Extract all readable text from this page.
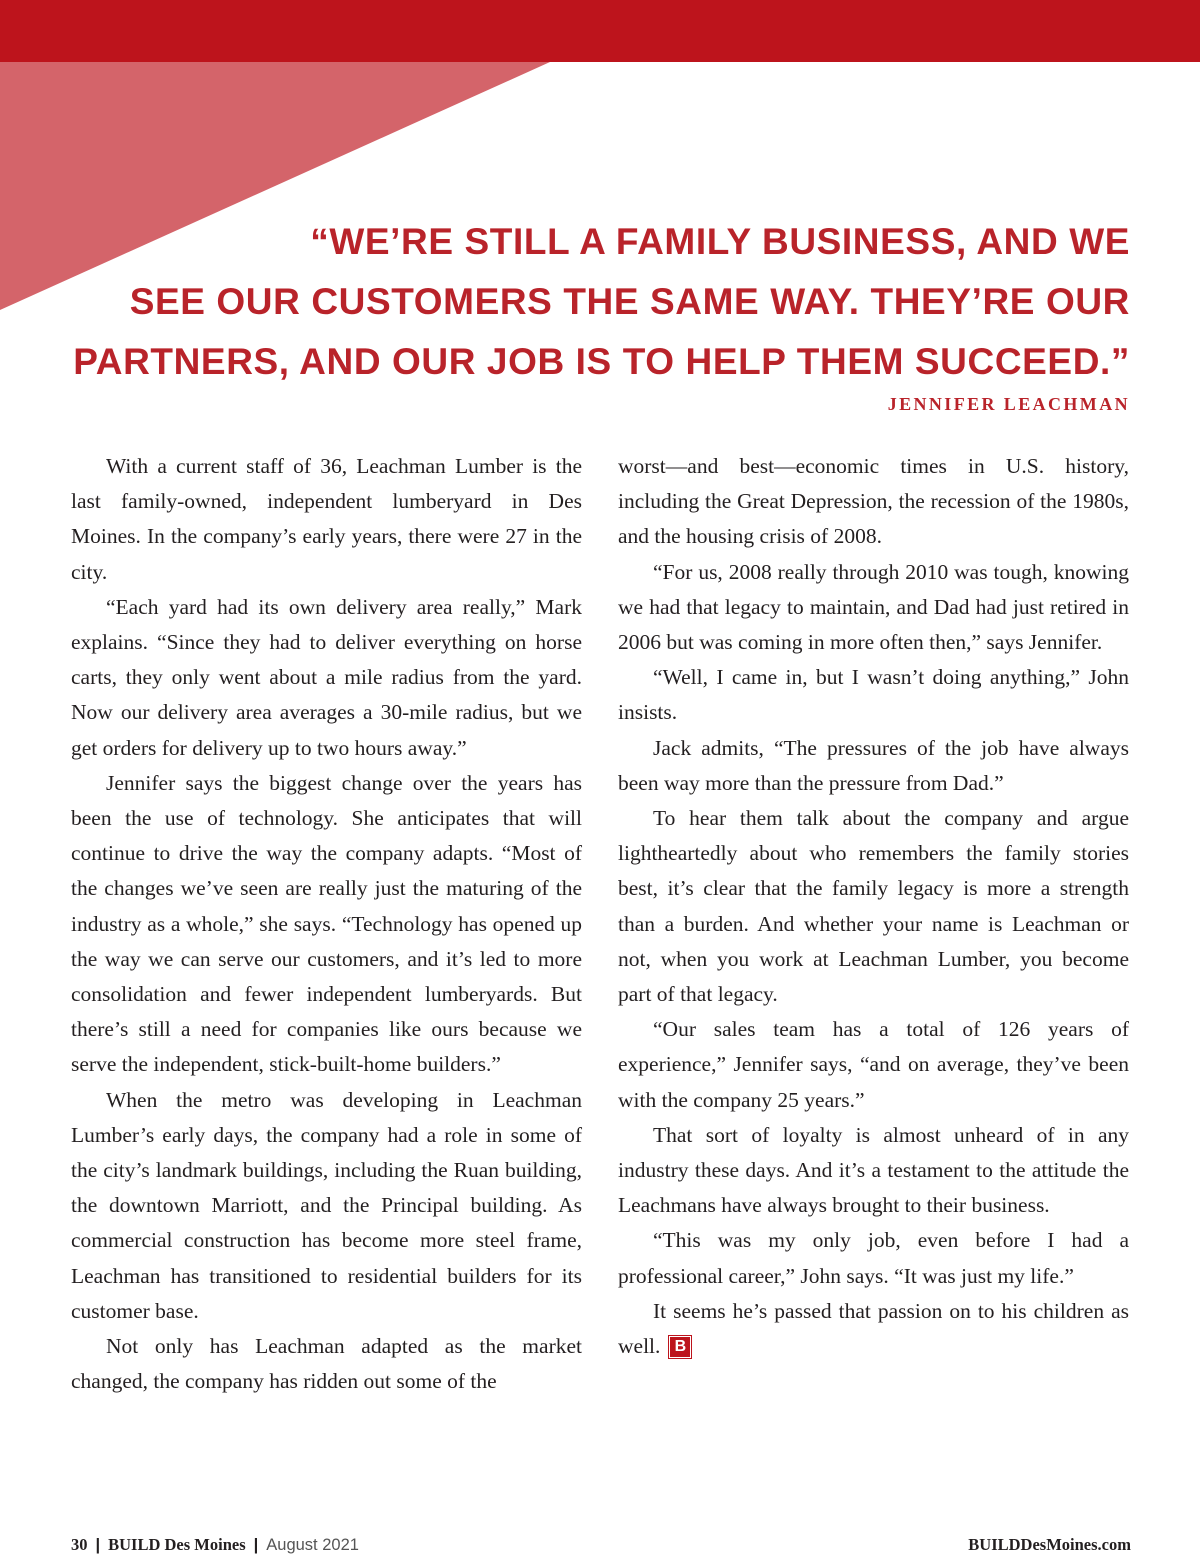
“WE’RE STILL A FAMILY BUSINESS, AND WE
SEE OUR CUSTOMERS THE SAME WAY. THEY’RE OUR
PARTNERS, AND OUR JOB IS TO HELP THEM SUCCEED.”
JENNIFER LEACHMAN

With a current staff of 36, Leachman Lumber is the last family-owned, independent lumberyard in Des Moines. In the company’s early years, there were 27 in the city.

“Each yard had its own delivery area really,” Mark explains. “Since they had to deliver everything on horse carts, they only went about a mile radius from the yard. Now our delivery area averages a 30-mile radius, but we get orders for delivery up to two hours away.”

Jennifer says the biggest change over the years has been the use of technology. She anticipates that will continue to drive the way the company adapts. “Most of the changes we’ve seen are really just the maturing of the industry as a whole,” she says. “Technology has opened up the way we can serve our customers, and it’s led to more consolidation and fewer independent lumberyards. But there’s still a need for companies like ours because we serve the independent, stick-built-home builders.”

When the metro was developing in Leachman Lumber’s early days, the company had a role in some of the city’s landmark buildings, including the Ruan building, the downtown Marriott, and the Principal building. As commercial construction has become more steel frame, Leachman has transitioned to residential builders for its customer base.

Not only has Leachman adapted as the market changed, the company has ridden out some of the

worst—and best—economic times in U.S. history, including the Great Depression, the recession of the 1980s, and the housing crisis of 2008.

“For us, 2008 really through 2010 was tough, knowing we had that legacy to maintain, and Dad had just retired in 2006 but was coming in more often then,” says Jennifer.

“Well, I came in, but I wasn’t doing anything,” John insists.

Jack admits, “The pressures of the job have always been way more than the pressure from Dad.”

To hear them talk about the company and argue lightheartedly about who remembers the family stories best, it’s clear that the family legacy is more a strength than a burden. And whether your name is Leachman or not, when you work at Leachman Lumber, you become part of that legacy.

“Our sales team has a total of 126 years of experience,” Jennifer says, “and on average, they’ve been with the company 25 years.”

That sort of loyalty is almost unheard of in any industry these days. And it’s a testament to the attitude the Leachmans have always brought to their business.

“This was my only job, even before I had a professional career,” John says. “It was just my life.”

It seems he’s passed that passion on to his children as well. B

30 | BUILD Des Moines | August 2021	BUILDDesMoines.com
